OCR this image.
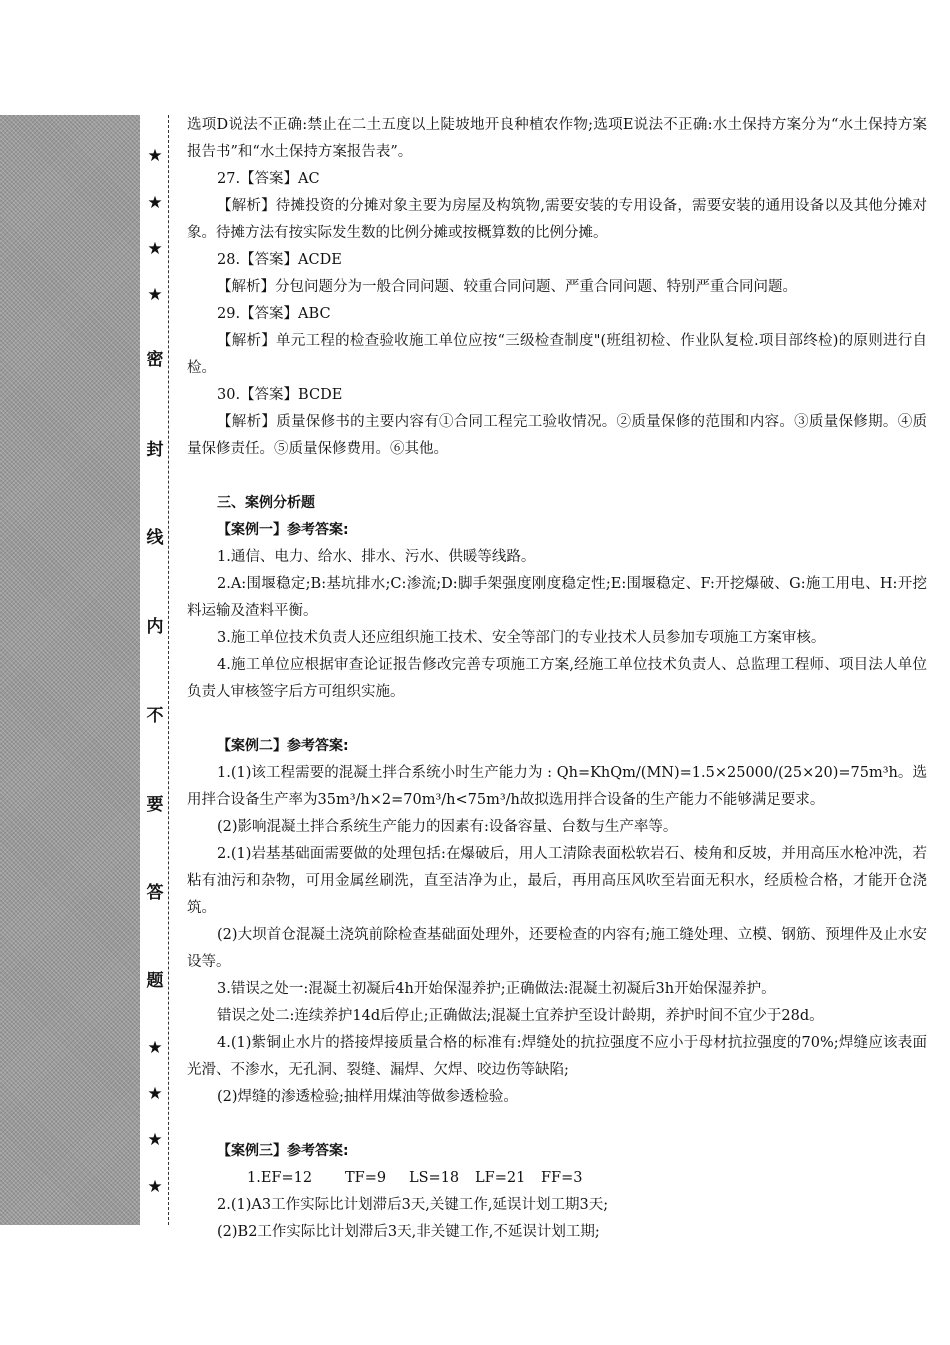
★
★
★
★
密
封
线
内
不
要
答
题
★
★
★
★

选项D说法不正确:禁止在二土五度以上陡坡地开良种植农作物;选项E说法不正确:水土保持方案分为“水土保持方案报告书”和“水土保持方案报告表”。

27.【答案】AC

【解析】待摊投资的分摊对象主要为房屋及构筑物,需要安装的专用设备，需要安装的通用设备以及其他分摊对象。待摊方法有按实际发生数的比例分摊或按概算数的比例分摊。

28.【答案】ACDE

【解析】分包问题分为一般合同问题、较重合同问题、严重合同问题、特别严重合同问题。

29.【答案】ABC

【解析】单元工程的检查验收施工单位应按“三级检查制度"(班组初检、作业队复检.项目部终检)的原则进行自检。

30.【答案】BCDE

【解析】质量保修书的主要内容有①合同工程完工验收情况。②质量保修的范围和内容。③质量保修期。④质量保修责任。⑤质量保修费用。⑥其他。

三、案例分析题

【案例一】参考答案:

1.通信、电力、给水、排水、污水、供暖等线路。

2.A:围堰稳定;B:基坑排水;C:渗流;D:脚手架强度刚度稳定性;E:围堰稳定、F:开挖爆破、G:施工用电、H:开挖料运输及渣料平衡。

3.施工单位技术负责人还应组织施工技术、安全等部门的专业技术人员参加专项施工方案审核。

4.施工单位应根据审查论证报告修改完善专项施工方案,经施工单位技术负责人、总监理工程师、项目法人单位负责人审核签字后方可组织实施。

【案例二】参考答案:

1.(1)该工程需要的混凝土拌合系统小时生产能力为 : Qh=KhQm/(MN)=1.5×25000/(25×20)=75m³h。选用拌合设备生产率为35m³/h×2=70m³/h<75m³/h故拟选用拌合设备的生产能力不能够满足要求。

(2)影响混凝土拌合系统生产能力的因素有:设备容量、台数与生产率等。

2.(1)岩基基础面需要做的处理包括:在爆破后，用人工清除表面松软岩石、棱角和反坡，并用高压水枪冲洗，若粘有油污和杂物，可用金属丝刷洗，直至洁净为止，最后，再用高压风吹至岩面无积水，经质检合格，才能开仓浇筑。

(2)大坝首仓混凝土浇筑前除检查基础面处理外，还要检查的内容有;施工缝处理、立模、钢筋、预埋件及止水安设等。

3.错误之处一:混凝土初凝后4h开始保湿养护;正确做法:混凝土初凝后3h开始保湿养护。

错误之处二:连续养护14d后停止;正确做法;混凝土宜养护至设计龄期，养护时间不宜少于28d。

4.(1)紫铜止水片的搭接焊接质量合格的标准有:焊缝处的抗拉强度不应小于母材抗拉强度的70%;焊缝应该表面光滑、不渗水，无孔洞、裂缝、漏焊、欠焊、咬边伤等缺陷;

(2)焊缝的渗透检验;抽样用煤油等做参透检验。

【案例三】参考答案:

1.EF=12	TF=9	LS=18	LF=21	FF=3

2.(1)A3工作实际比计划滞后3天,关键工作,延误计划工期3天;

(2)B2工作实际比计划滞后3天,非关键工作,不延误计划工期;
